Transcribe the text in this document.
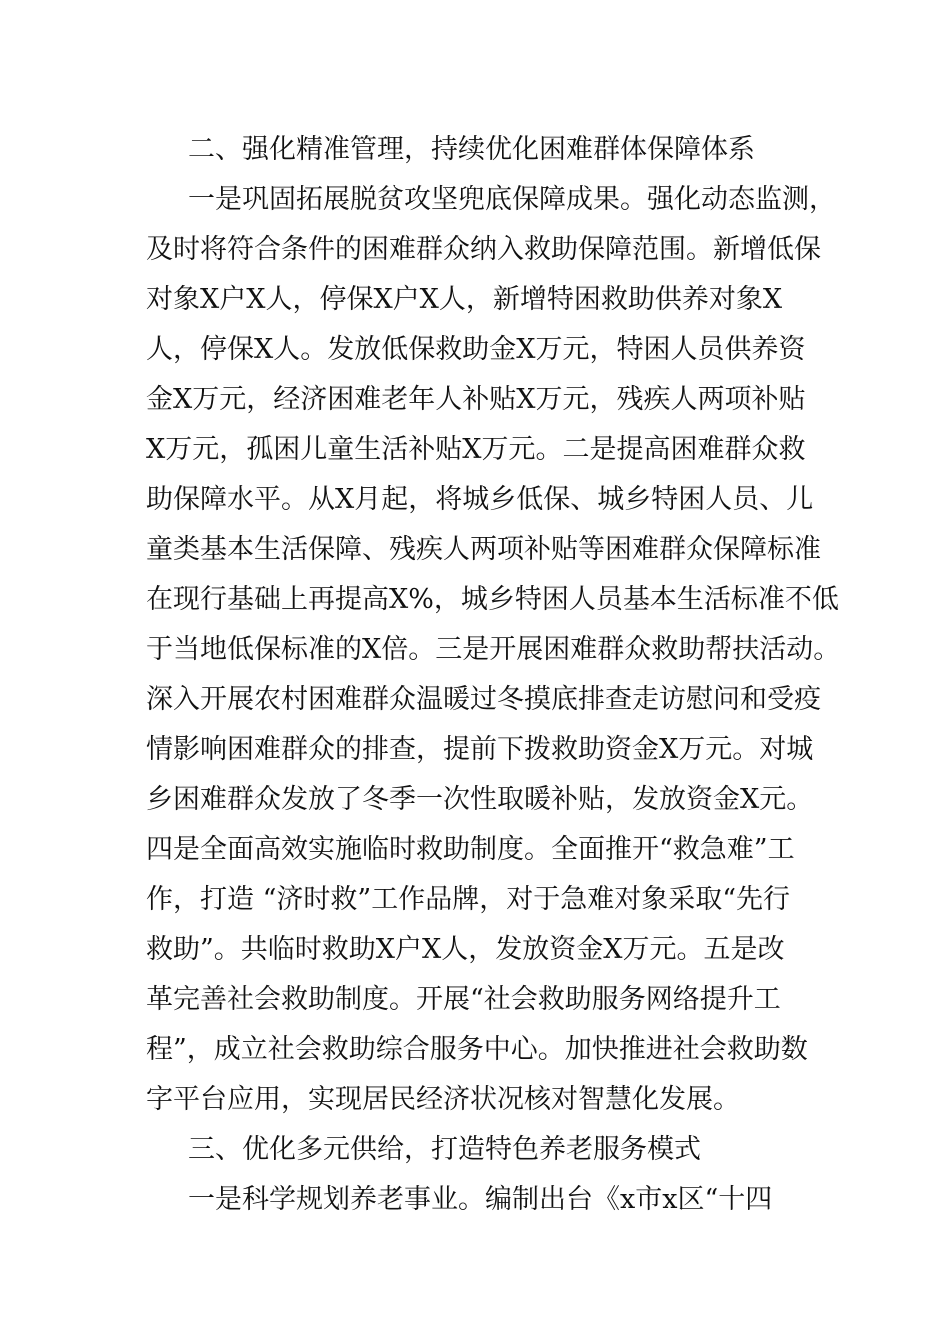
二、强化精准管理，持续优化困难群体保障体系
一是巩固拓展脱贫攻坚兜底保障成果。强化动态监测，
及时将符合条件的困难群众纳入救助保障范围。新增低保
对象X户X人，停保X户X人，新增特困救助供养对象X
人，停保X人。发放低保救助金X万元，特困人员供养资
金X万元，经济困难老年人补贴X万元，残疾人两项补贴
X万元，孤困儿童生活补贴X万元。二是提高困难群众救
助保障水平。从X月起，将城乡低保、城乡特困人员、儿
童类基本生活保障、残疾人两项补贴等困难群众保障标准
在现行基础上再提高X%，城乡特困人员基本生活标准不低
于当地低保标准的X倍。三是开展困难群众救助帮扶活动。
深入开展农村困难群众温暖过冬摸底排查走访慰问和受疫
情影响困难群众的排查，提前下拨救助资金X万元。对城
乡困难群众发放了冬季一次性取暖补贴，发放资金X元。
四是全面高效实施临时救助制度。全面推开“救急难”工
作，打造 “济时救”工作品牌，对于急难对象采取“先行
救助”。共临时救助X户X人，发放资金X万元。五是改
革完善社会救助制度。开展“社会救助服务网络提升工
程”，成立社会救助综合服务中心。加快推进社会救助数
字平台应用，实现居民经济状况核对智慧化发展。
三、优化多元供给，打造特色养老服务模式
一是科学规划养老事业。编制出台《x市x区“十四
